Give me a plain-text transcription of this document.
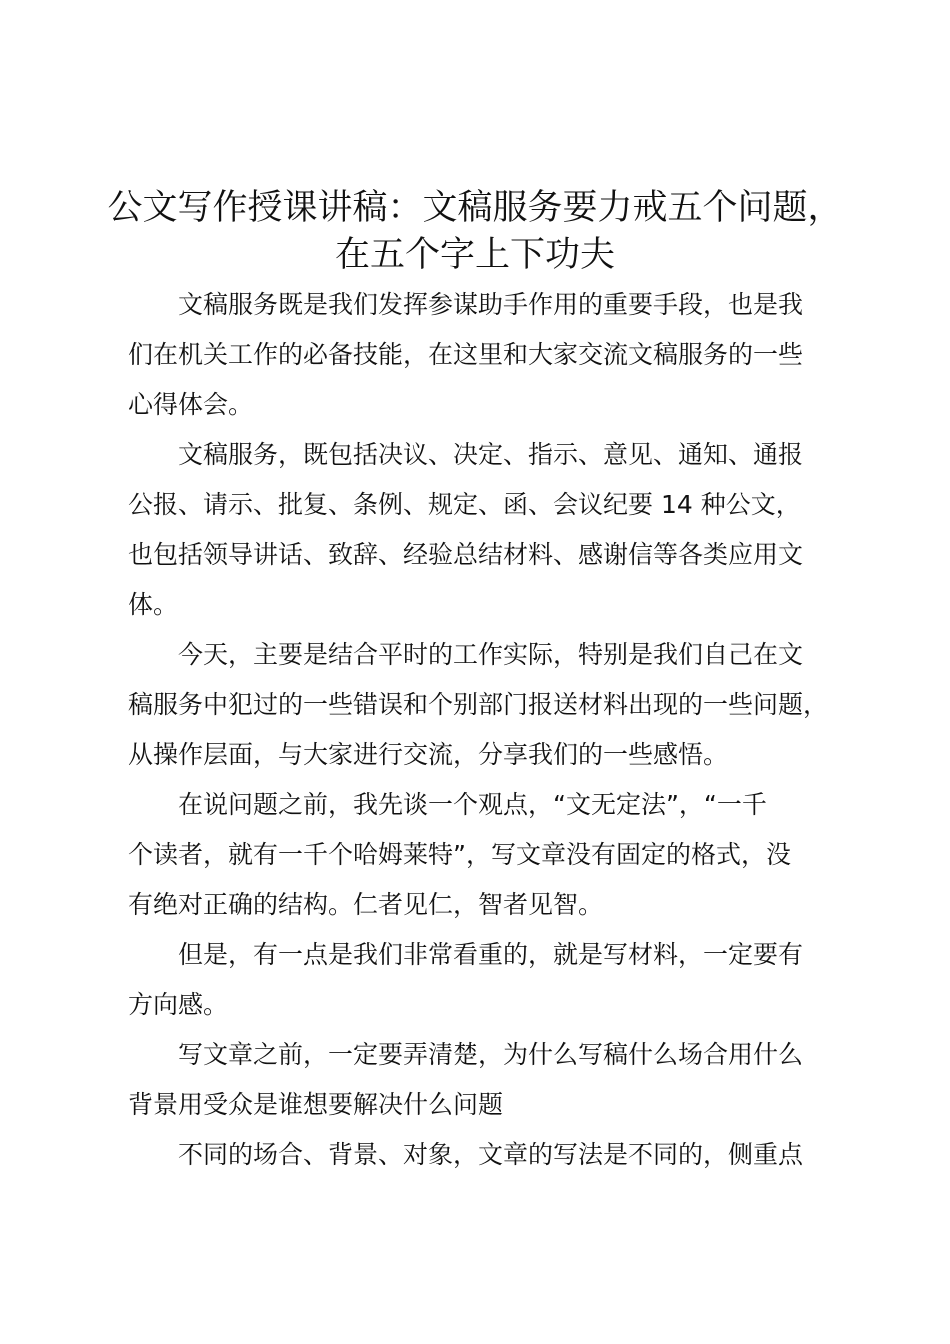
公文写作授课讲稿：文稿服务要力戒五个问题，
在五个字上下功夫
文稿服务既是我们发挥参谋助手作用的重要手段，也是我
们在机关工作的必备技能，在这里和大家交流文稿服务的一些
心得体会。
文稿服务，既包括决议、决定、指示、意见、通知、通报
公报、请示、批复、条例、规定、函、会议纪要 14 种公文，
也包括领导讲话、致辞、经验总结材料、感谢信等各类应用文
体。
今天，主要是结合平时的工作实际，特别是我们自己在文
稿服务中犯过的一些错误和个别部门报送材料出现的一些问题，
从操作层面，与大家进行交流，分享我们的一些感悟。
在说问题之前，我先谈一个观点，“文无定法”，“一千
个读者，就有一千个哈姆莱特”，写文章没有固定的格式，没
有绝对正确的结构。仁者见仁，智者见智。
但是，有一点是我们非常看重的，就是写材料，一定要有
方向感。
写文章之前，一定要弄清楚，为什么写稿什么场合用什么
背景用受众是谁想要解决什么问题
不同的场合、背景、对象，文章的写法是不同的，侧重点
